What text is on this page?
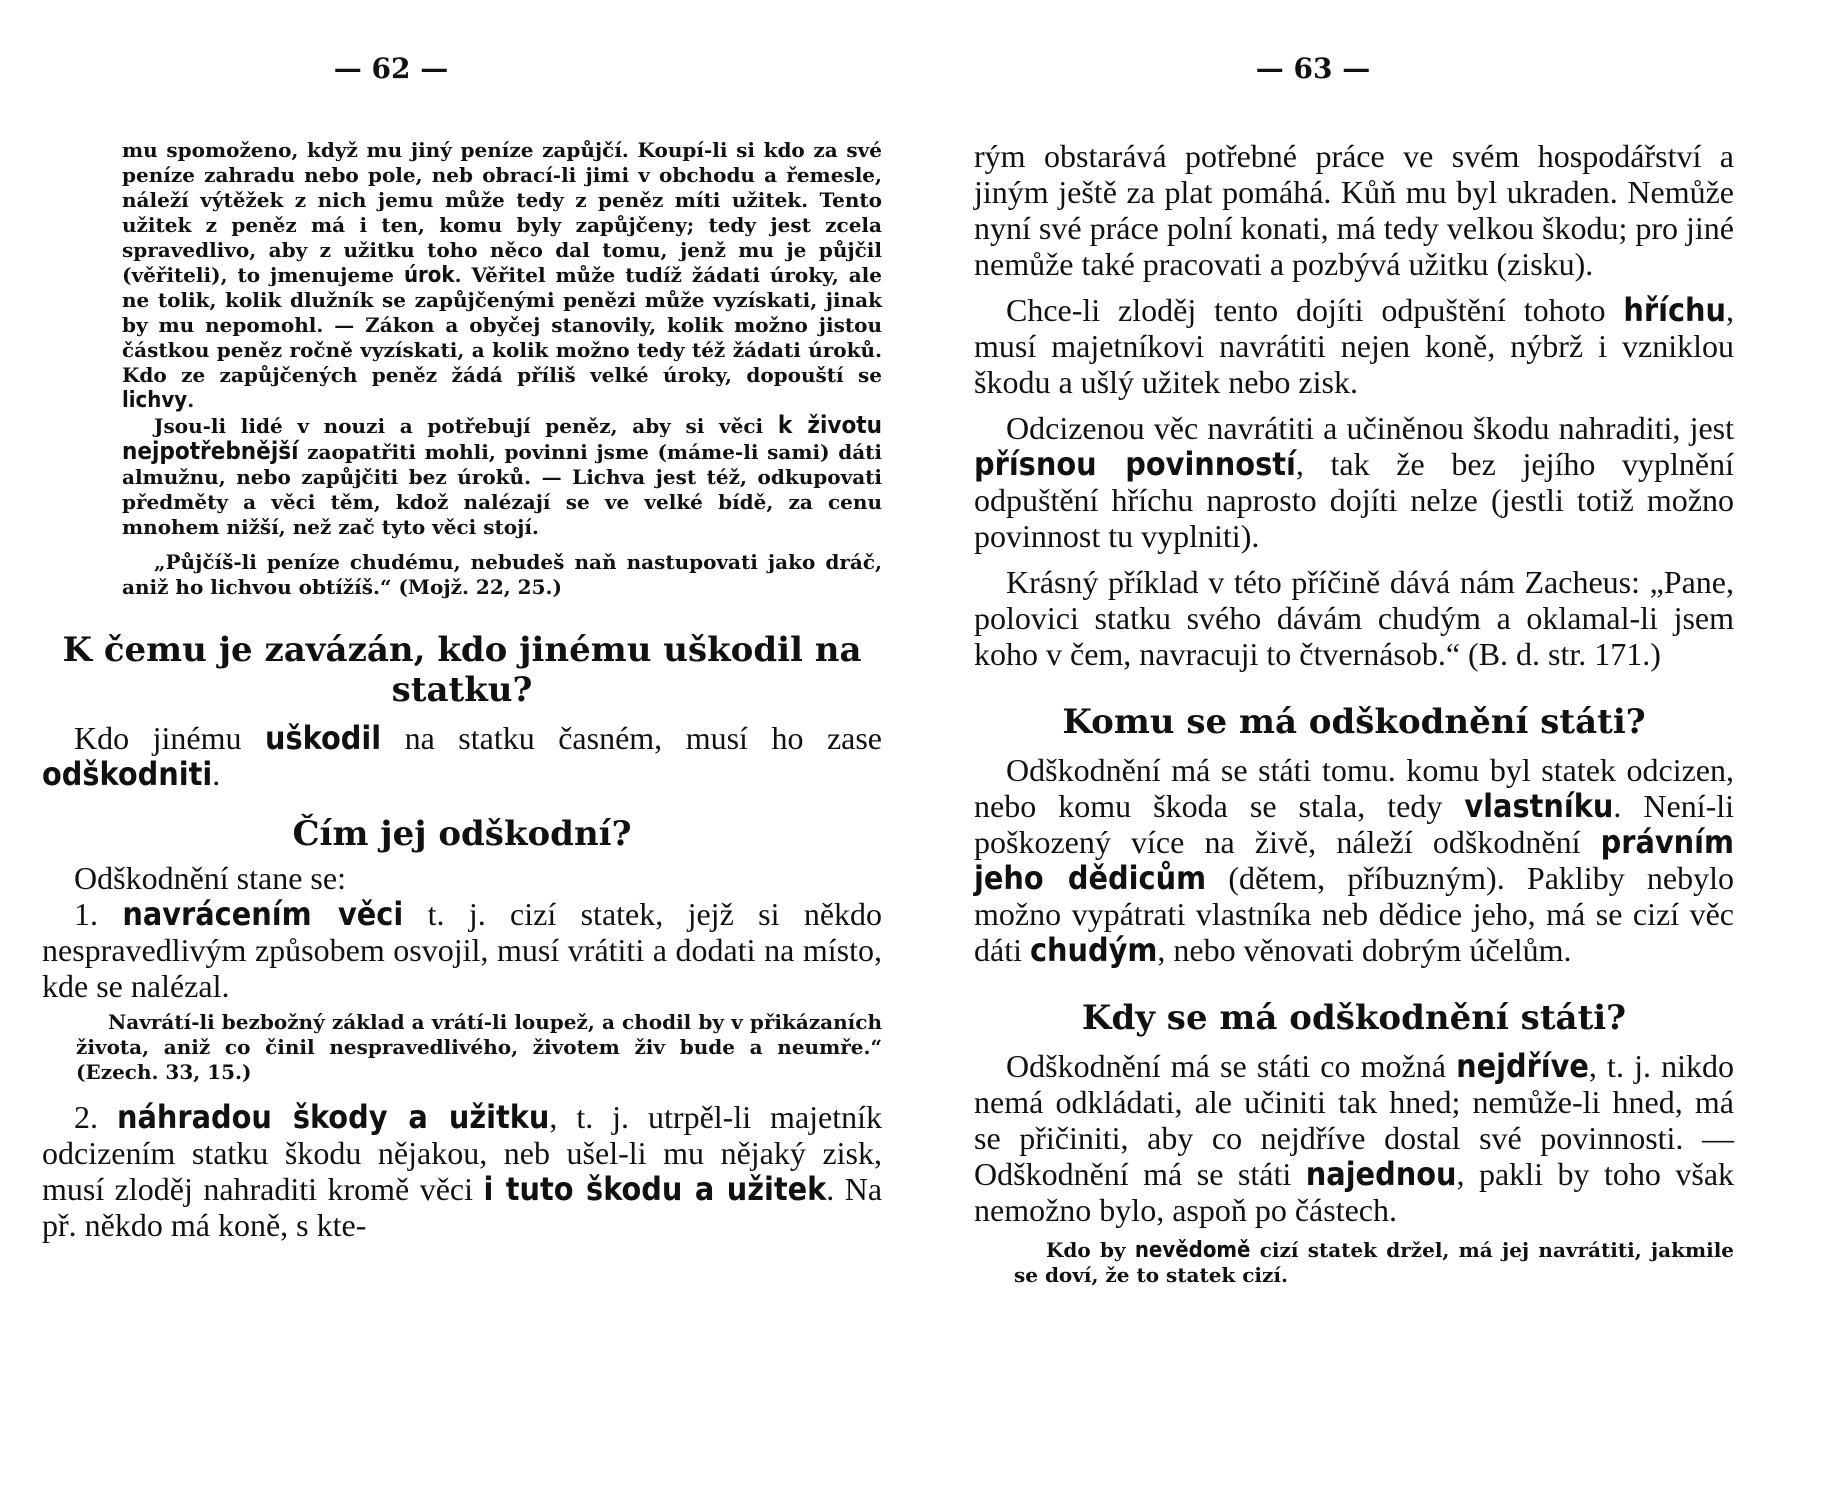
— 62 —

mu spomoženo, když mu jiný peníze zapůjčí. Koupí-li si kdo za své peníze zahradu nebo pole, neb obrací-li jimi v obchodu a řemesle, náleží výtěžek z nich jemu může tedy z peněz míti užitek. Tento užitek z peněz má i ten, komu byly zapůjčeny; tedy jest zcela spravedlivo, aby z užitku toho něco dal tomu, jenž mu je půjčil (věřiteli), to jmenujeme úrok. Věřitel může tudíž žádati úroky, ale ne tolik, kolik dlužník se zapůjčenými penězi může vyzískati, jinak by mu nepomohl. — Zákon a obyčej stanovily, kolik možno jistou částkou peněz ročně vyzískati, a kolik možno tedy též žádati úroků. Kdo ze zapůjčených peněz žádá příliš velké úroky, dopouští se lichvy.

Jsou-li lidé v nouzi a potřebují peněz, aby si věci k životu nejpotřebnější zaopatřiti mohli, povinni jsme (máme-li sami) dáti almužnu, nebo zapůjčiti bez úroků. — Lichva jest též, odkupovati předměty a věci těm, kdož nalézají se ve velké bídě, za cenu mnohem nižší, než zač tyto věci stojí.

„Půjčíš-li peníze chudému, nebudeš naň nastupovati jako dráč, aniž ho lichvou obtížíš.“ (Mojž. 22, 25.)

K čemu je zavázán, kdo jinému uškodil na statku?

Kdo jinému uškodil na statku časném, musí ho zase odškodniti.

Čím jej odškodní?

Odškodnění stane se:

1. navrácením věci t. j. cizí statek, jejž si někdo nespravedlivým způsobem osvojil, musí vrátiti a dodati na místo, kde se nalézal.

Navrátí-li bezbožný základ a vrátí-li loupež, a chodil by v přikázaních života, aniž co činil nespravedlivého, životem živ bude a neumře.“ (Ezech. 33, 15.)

2. náhradou škody a užitku, t. j. utrpěl-li majetník odcizením statku škodu nějakou, neb ušel-li mu nějaký zisk, musí zloděj nahraditi kromě věci i tuto škodu a užitek. Na př. někdo má koně, s kte-

— 63 —

rým obstarává potřebné práce ve svém hospodářství a jiným ještě za plat pomáhá. Kůň mu byl ukraden. Nemůže nyní své práce polní konati, má tedy velkou škodu; pro jiné nemůže také pracovati a pozbývá užitku (zisku).

Chce-li zloděj tento dojíti odpuštění tohoto hříchu, musí majetníkovi navrátiti nejen koně, nýbrž i vzniklou škodu a ušlý užitek nebo zisk.

Odcizenou věc navrátiti a učiněnou škodu nahraditi, jest přísnou povinností, tak že bez jejího vyplnění odpuštění hříchu naprosto dojíti nelze (jestli totiž možno povinnost tu vyplniti).

Krásný příklad v této příčině dává nám Zacheus: „Pane, polovici statku svého dávám chudým a oklamal-li jsem koho v čem, navracuji to čtvernásob.“ (B. d. str. 171.)

Komu se má odškodnění státi?

Odškodnění má se státi tomu. komu byl statek odcizen, nebo komu škoda se stala, tedy vlastníku. Není-li poškozený více na živě, náleží odškodnění právním jeho dědicům (dětem, příbuzným). Pakliby nebylo možno vypátrati vlastníka neb dědice jeho, má se cizí věc dáti chudým, nebo věnovati dobrým účelům.

Kdy se má odškodnění státi?

Odškodnění má se státi co možná nejdříve, t. j. nikdo nemá odkládati, ale učiniti tak hned; nemůže-li hned, má se přičiniti, aby co nejdříve dostal své povinnosti. — Odškodnění má se státi najednou, pakli by toho však nemožno bylo, aspoň po částech.

Kdo by nevědomě cizí statek držel, má jej navrátiti, jakmile se doví, že to statek cizí.
